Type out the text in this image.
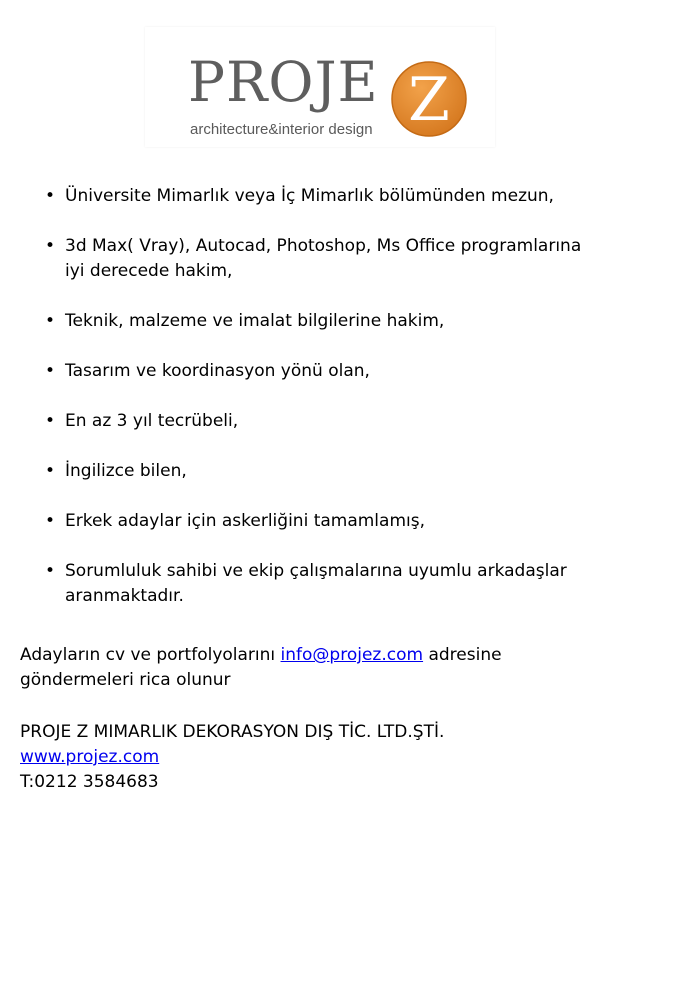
PROJE Z
architecture&interior design
• Üniversite Mimarlık veya İç Mimarlık bölümünden mezun,
• 3d Max( Vray), Autocad, Photoshop, Ms Office programlarına
iyi derecede hakim,
• Teknik, malzeme ve imalat bilgilerine hakim,
• Tasarım ve koordinasyon yönü olan,
• En az 3 yıl tecrübeli,
• İngilizce bilen,
• Erkek adaylar için askerliğini tamamlamış,
• Sorumluluk sahibi ve ekip çalışmalarına uyumlu arkadaşlar
aranmaktadır.
Adayların cv ve portfolyolarını info@projez.com adresine
göndermeleri rica olunur
PROJE Z MIMARLIK DEKORASYON DIŞ TİC. LTD.ŞTİ.
www.projez.com
T:0212 3584683
